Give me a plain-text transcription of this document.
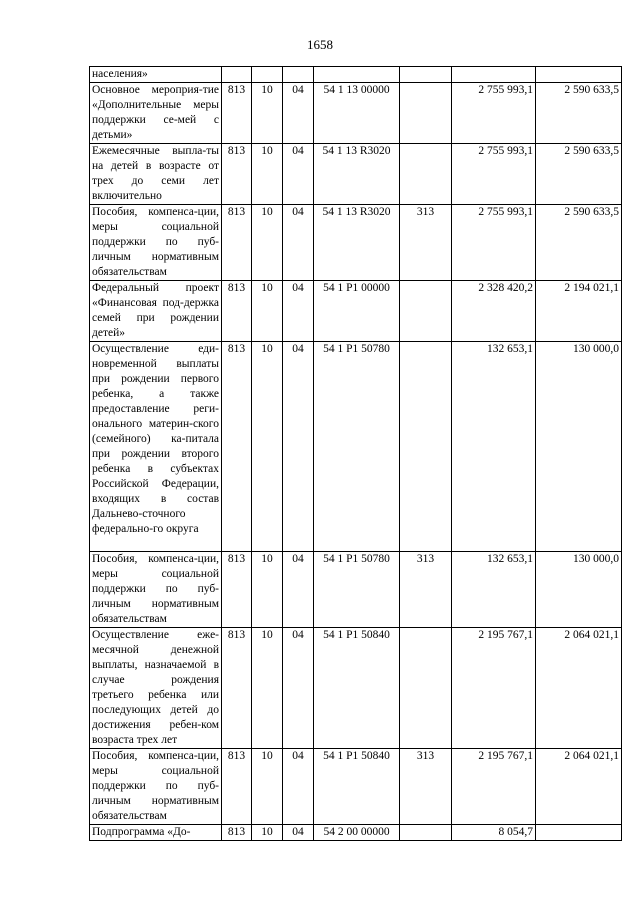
1658
населения»							
Основное мероприя-тие «Дополнительные меры поддержки се-мей с детьми»	813	10	04	54 1 13 00000		2 755 993,1	2 590 633,5
Ежемесячные выпла-ты на детей в возрасте от трех до семи лет включительно	813	10	04	54 1 13 R3020		2 755 993,1	2 590 633,5
Пособия, компенса-ции, меры социальной поддержки по пуб-личным нормативным обязательствам	813	10	04	54 1 13 R3020	313	2 755 993,1	2 590 633,5
Федеральный проект «Финансовая под-держка семей при рождении детей»	813	10	04	54 1 P1 00000		2 328 420,2	2 194 021,1
Осуществление еди-новременной выплаты при рождении первого ребенка, а также предоставление реги-онального материн-ского (семейного) ка-питала при рождении второго ребенка в субъектах Российской Федерации, входящих в состав Дальнево-сточного федерально-го округа	813	10	04	54 1 P1 50780		132 653,1	130 000,0
Пособия, компенса-ции, меры социальной поддержки по пуб-личным нормативным обязательствам	813	10	04	54 1 P1 50780	313	132 653,1	130 000,0
Осуществление еже-месячной денежной выплаты, назначаемой в случае рождения третьего ребенка или последующих детей до достижения ребен-ком возраста трех лет	813	10	04	54 1 P1 50840		2 195 767,1	2 064 021,1
Пособия, компенса-ции, меры социальной поддержки по пуб-личным нормативным обязательствам	813	10	04	54 1 P1 50840	313	2 195 767,1	2 064 021,1
Подпрограмма «До-	813	10	04	54 2 00 00000		8 054,7	
